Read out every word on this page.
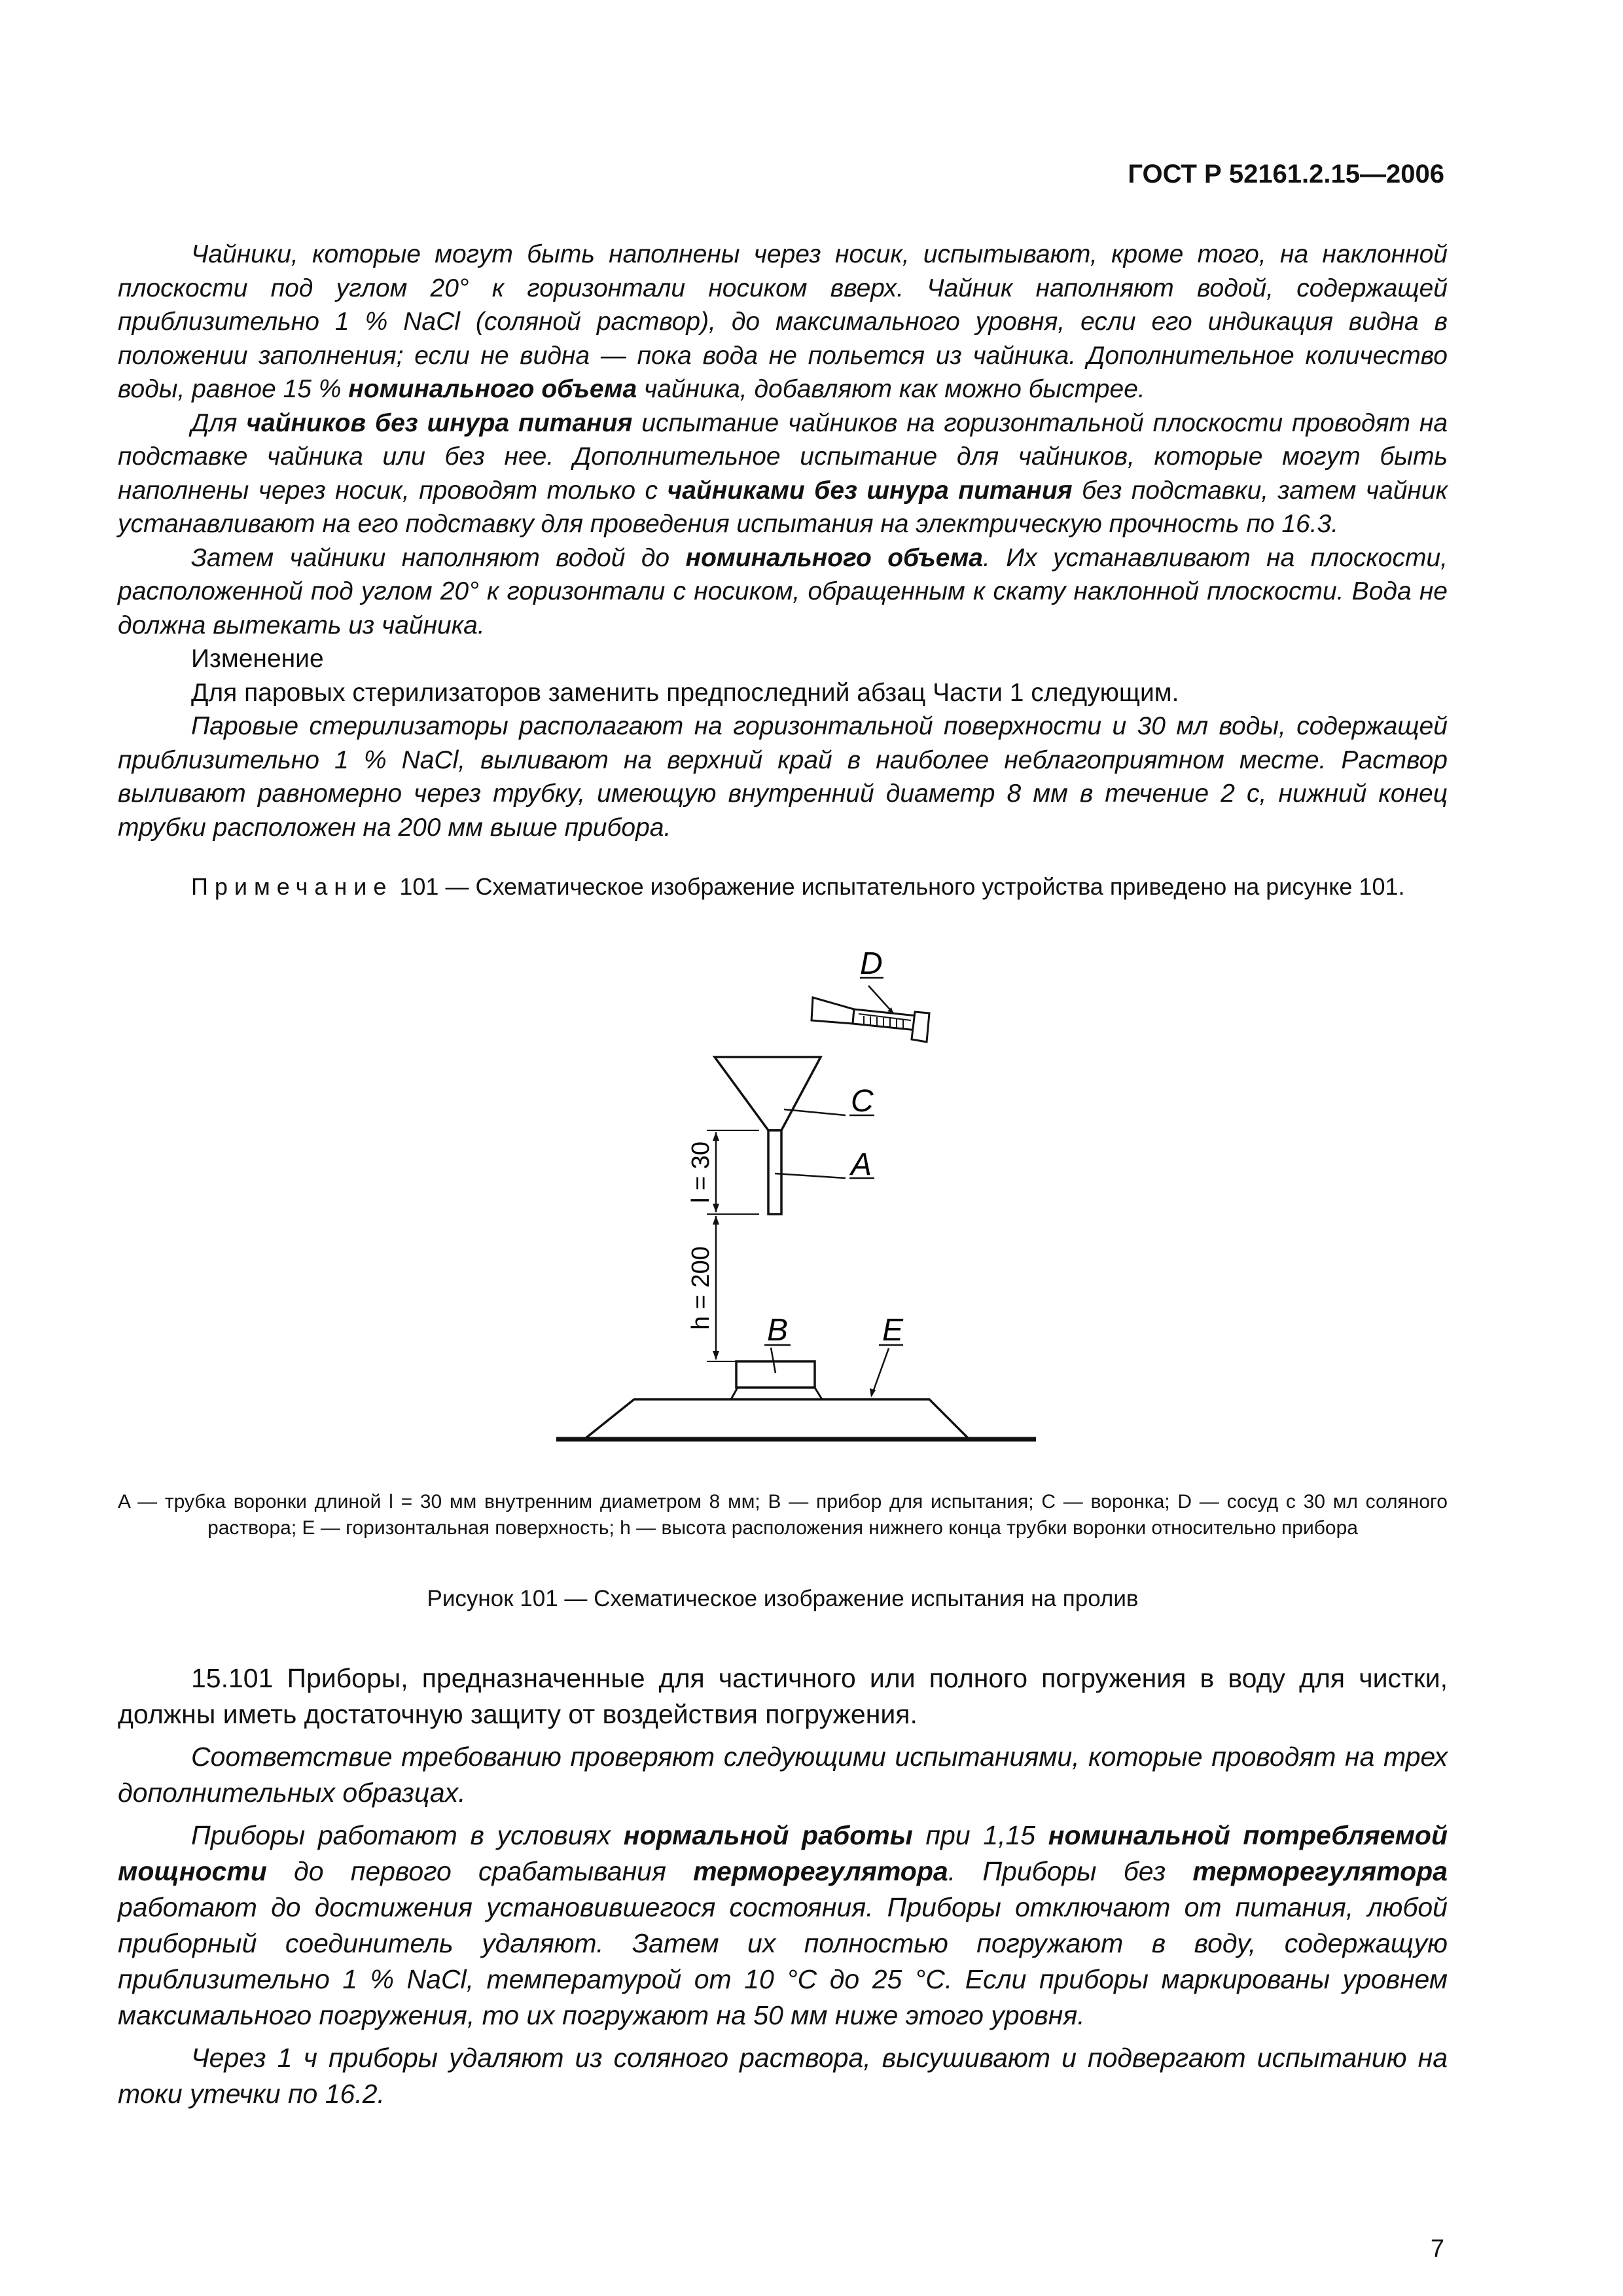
ГОСТ Р 52161.2.15—2006

Чайники, которые могут быть наполнены через носик, испытывают, кроме того, на наклонной плоскости под углом 20° к горизонтали носиком вверх. Чайник наполняют водой, содержащей приблизительно 1 % NaCl (соляной раствор), до максимального уровня, если его индикация видна в положении заполнения; если не видна — пока вода не польется из чайника. Дополнительное количество воды, равное 15 % номинального объема чайника, добавляют как можно быстрее.

Для чайников без шнура питания испытание чайников на горизонтальной плоскости проводят на подставке чайника или без нее. Дополнительное испытание для чайников, которые могут быть наполнены через носик, проводят только с чайниками без шнура питания без подставки, затем чайник устанавливают на его подставку для проведения испытания на электрическую прочность по 16.3.

Затем чайники наполняют водой до номинального объема. Их устанавливают на плоскости, расположенной под углом 20° к горизонтали с носиком, обращенным к скату наклонной плоскости. Вода не должна вытекать из чайника.

Изменение

Для паровых стерилизаторов заменить предпоследний абзац Части 1 следующим.

Паровые стерилизаторы располагают на горизонтальной поверхности и 30 мл воды, содержащей приблизительно 1 % NaCl, выливают на верхний край в наиболее неблагоприятном месте. Раствор выливают равномерно через трубку, имеющую внутренний диаметр 8 мм в течение 2 с, нижний конец трубки расположен на 200 мм выше прибора.

Примечание 101 — Схематическое изображение испытательного устройства приведено на рисунке 101.

D
C
A
l = 30
h = 200
B	E

A — трубка воронки длиной l = 30 мм внутренним диаметром 8 мм; B — прибор для испытания; C — воронка; D — сосуд с 30 мл соляного раствора; E — горизонтальная поверхность; h — высота расположения нижнего конца трубки воронки относительно прибора

Рисунок 101 — Схематическое изображение испытания на пролив

15.101 Приборы, предназначенные для частичного или полного погружения в воду для чистки, должны иметь достаточную защиту от воздействия погружения.

Соответствие требованию проверяют следующими испытаниями, которые проводят на трех дополнительных образцах.

Приборы работают в условиях нормальной работы при 1,15 номинальной потребляемой мощности до первого срабатывания терморегулятора. Приборы без терморегулятора работают до достижения установившегося состояния. Приборы отключают от питания, любой приборный соединитель удаляют. Затем их полностью погружают в воду, содержащую приблизительно 1 % NaCl, температурой от 10 °С до 25 °С. Если приборы маркированы уровнем максимального погружения, то их погружают на 50 мм ниже этого уровня.

Через 1 ч приборы удаляют из соляного раствора, высушивают и подвергают испытанию на токи утечки по 16.2.

7
